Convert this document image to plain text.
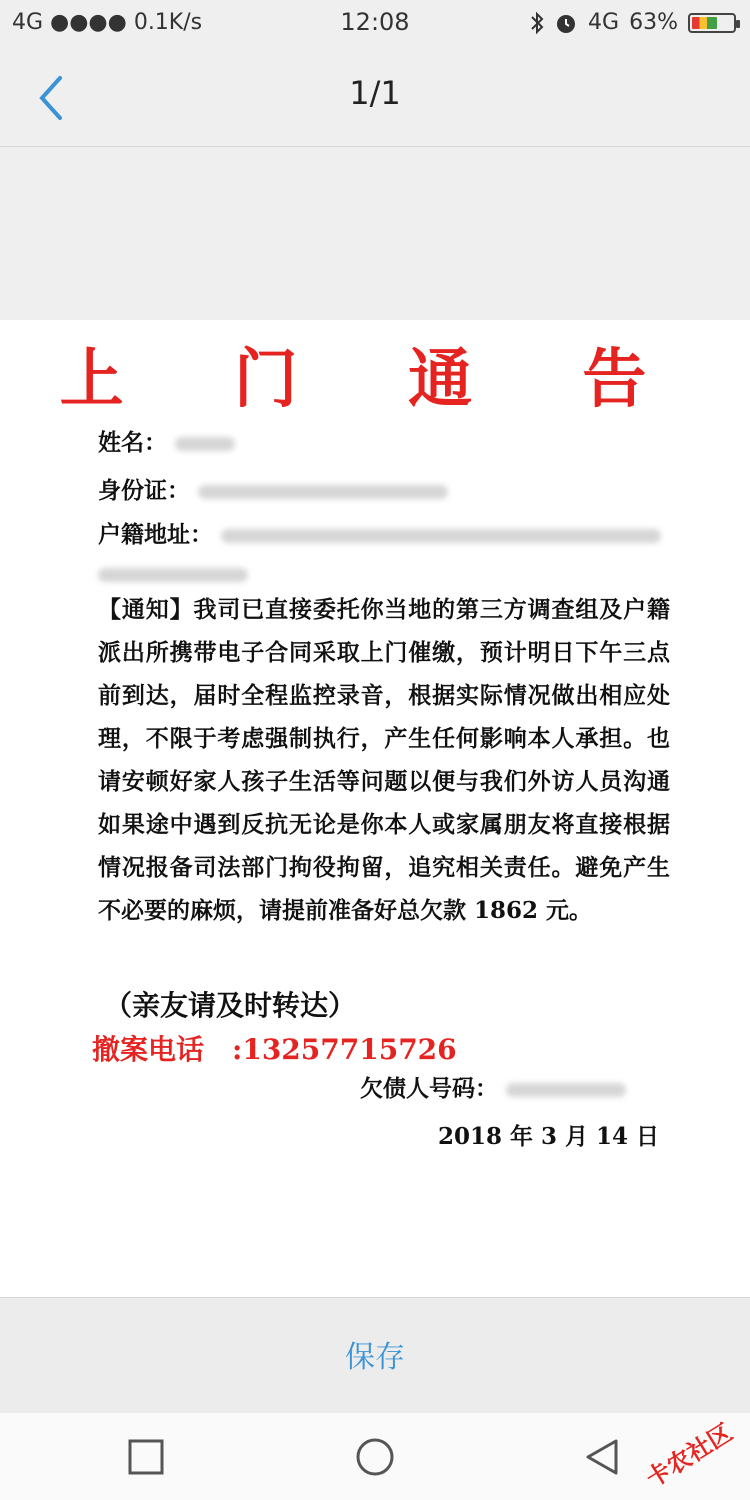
4G ●●●● 0.1K/s	12:08	4G 63%
1/1
上 门 通 告
姓名：
身份证：
户籍地址：
【通知】我司已直接委托你当地的第三方调查组及户籍派出所携带电子合同采取上门催缴，预计明日下午三点前到达，届时全程监控录音，根据实际情况做出相应处理，不限于考虑强制执行，产生任何影响本人承担。也请安顿好家人孩子生活等问题以便与我们外访人员沟通如果途中遇到反抗无论是你本人或家属朋友将直接根据情况报备司法部门拘役拘留，追究相关责任。避免产生不必要的麻烦，请提前准备好总欠款 1862 元。
（亲友请及时转达）
撤案电话　:13257715726
欠债人号码：
2018 年 3 月 14 日
保存
卡农社区
